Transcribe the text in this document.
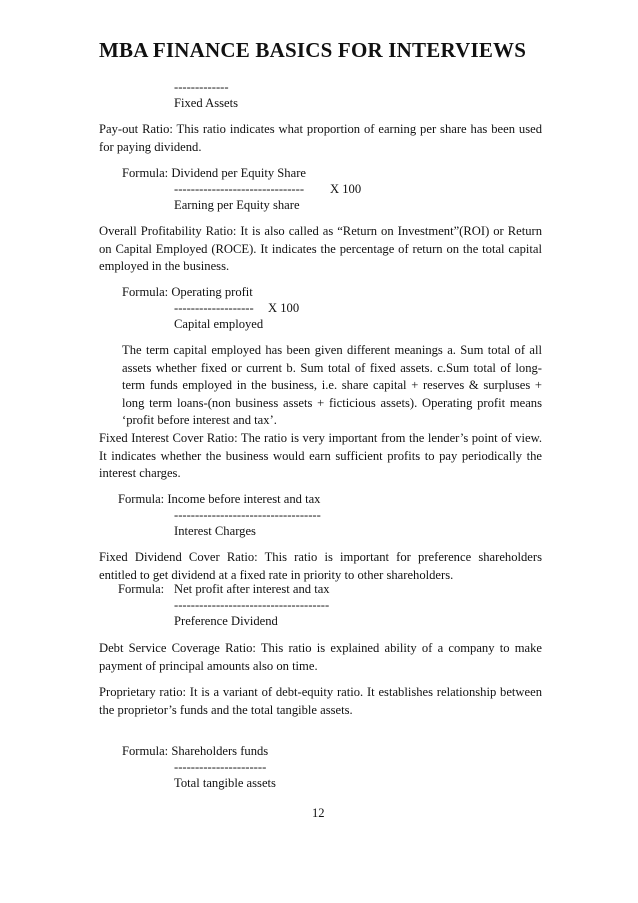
MBA FINANCE BASICS FOR INTERVIEWS
-------------
Fixed Assets
Pay-out Ratio: This ratio indicates what proportion of earning per share has been used for paying dividend.
Formula: Dividend per Equity Share
------------------------------- X 100
Earning per Equity share
Overall Profitability Ratio: It is also called as “Return on Investment”(ROI) or Return on Capital Employed (ROCE). It indicates the percentage of return on the total capital employed in the business.
Formula: Operating profit
------------------- X 100
Capital employed
The term capital employed has been given different meanings a. Sum total of all assets whether fixed or current b. Sum total of fixed assets. c.Sum total of long-term funds employed in the business, i.e. share capital + reserves & surpluses + long term loans-(non business assets + ficticious assets). Operating profit means ‘profit before interest and tax’.
Fixed Interest Cover Ratio: The ratio is very important from the lender’s point of view. It indicates whether the business would earn sufficient profits to pay periodically the interest charges.
Formula: Income before interest and tax
-----------------------------------
Interest Charges
Fixed Dividend Cover Ratio: This ratio is important for preference shareholders entitled to get dividend at a fixed rate in priority to other shareholders.
Formula: Net profit after interest and tax
-------------------------------------
Preference Dividend
Debt Service Coverage Ratio: This ratio is explained ability of a company to make payment of principal amounts also on time.
Proprietary ratio: It is a variant of debt-equity ratio. It establishes relationship between the proprietor’s funds and the total tangible assets.
Formula: Shareholders funds
----------------------
Total tangible assets
12
